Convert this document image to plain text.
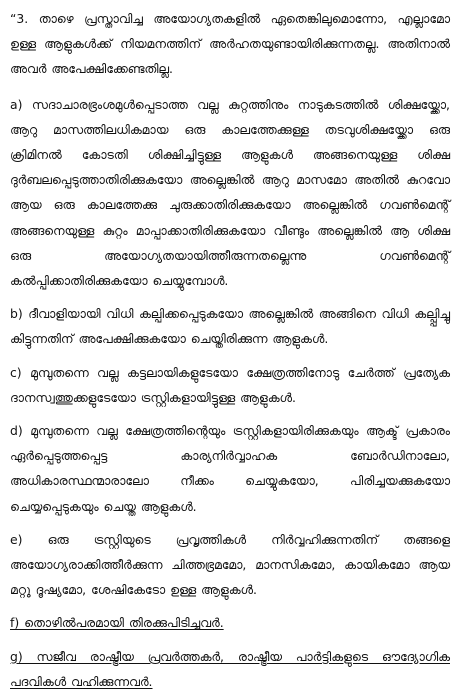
“3. താഴെ പ്രസ്താവിച്ച അയോഗ്യതകളിൽ ഏതെങ്കിലുമൊന്നോ, എല്ലാമോ ഉള്ള ആളുകൾക്ക് നിയമനത്തിന് അർഹതയുണ്ടായിരിക്കുന്നതല്ല. അതിനാൽ അവർ അപേക്ഷിക്കേണ്ടതില്ല.

a) സദാചാരഭ്രംശമുൾപ്പെടാത്ത വല്ല കുറ്റത്തിനും നാടുകടത്തിൽ ശിക്ഷയ്ക്കോ, ആറു മാസത്തിലധികമായ ഒരു കാലത്തേക്കുള്ള തടവുശിക്ഷയ്ക്കോ ഒരു ക്രിമിനൽ കോടതി ശിക്ഷിച്ചിട്ടുള്ള ആളുകൾ അങ്ങനെയുള്ള ശിക്ഷ ദുർബലപ്പെടുത്താതിരിക്കുകയോ അല്ലെങ്കിൽ ആറു മാസമോ അതിൽ കുറവോ ആയ ഒരു കാലത്തേക്കു ചുരുക്കാതിരിക്കുകയോ അല്ലെങ്കിൽ ഗവൺമെന്റ് അങ്ങനെയുള്ള കുറ്റം മാപ്പാക്കാതിരിക്കുകയോ വീണ്ടും അല്ലെങ്കിൽ ആ ശിക്ഷ ഒരു അയോഗ്യതയായിത്തീരുന്നതല്ലെന്നു ഗവൺമെന്റ് കൽപ്പിക്കാതിരിക്കുകയോ ചെയ്യുമ്പോൾ.

b) ദീവാളിയായി വിധി കല്പിക്കപ്പെടുകയോ അല്ലെങ്കിൽ അങ്ങിനെ വിധി കല്പ്പിച്ചു കിട്ടുന്നതിന് അപേക്ഷിക്കുകയോ ചെയ്തിരിക്കുന്ന ആളുകൾ.

c) മുമ്പുതന്നെ വല്ല കട്ടലായികളുടേയോ ക്ഷേത്രത്തിനോടു ചേർത്ത് പ്രത്യേക ദാനസ്വത്തുക്കളുടേയോ ട്രസ്റ്റികളായിട്ടുള്ള ആളുകൾ.

d) മുമ്പുതന്നെ വല്ല ക്ഷേത്രത്തിന്റെയും ട്രസ്റ്റികളായിരിക്കുകയും ആക്ട് പ്രകാരം ഏർപ്പെടുത്തപ്പെട്ട കാര്യനിർവ്വാഹക ബോർഡിനാലോ, അധികാരസ്ഥന്മാരാലോ നീക്കം ചെയ്യുകയോ, പിരിച്ചയക്കുകയോ ചെയ്യപ്പെടുകയും ചെയ്ത ആളുകൾ.

e) ഒരു ട്രസ്റ്റിയുടെ പ്രവൃത്തികൾ നിർവ്വഹിക്കുന്നതിന് തങ്ങളെ അയോഗ്യരാക്കിത്തീർക്കുന്ന ചിത്തഭ്രമമോ, മാനസികമോ, കായികമോ ആയ മറ്റു ദൂഷ്യമോ, ശേഷികേടോ ഉള്ള ആളുകൾ.

f) തൊഴിൽപരമായി തിരക്കുപിടിച്ചവർ.

g) സജീവ രാഷ്ട്രീയ പ്രവർത്തകർ, രാഷ്ട്രീയ പാർട്ടികളുടെ ഔദ്യോഗിക പദവികൾ വഹിക്കുന്നവർ.
